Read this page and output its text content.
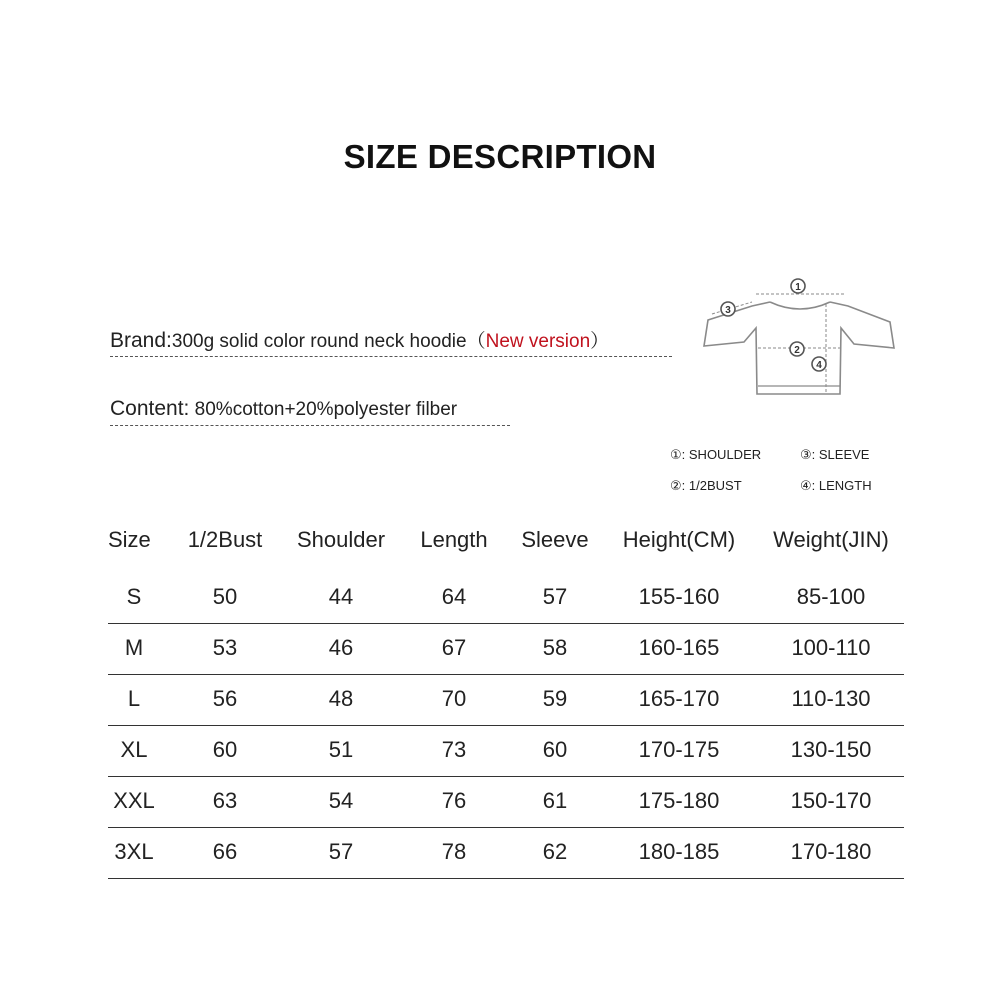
SIZE DESCRIPTION
Brand:300g solid color round neck hoodie（New version）
Content: 80%cotton+20%polyester filber
1
2
3
4
①: SHOULDER	③: SLEEVE
②: 1/2BUST	④: LENGTH
Size	1/2Bust	Shoulder	Length	Sleeve	Height(CM)	Weight(JIN)
S	50	44	64	57	155-160	85-100
M	53	46	67	58	160-165	100-110
L	56	48	70	59	165-170	110-130
XL	60	51	73	60	170-175	130-150
XXL	63	54	76	61	175-180	150-170
3XL	66	57	78	62	180-185	170-180
